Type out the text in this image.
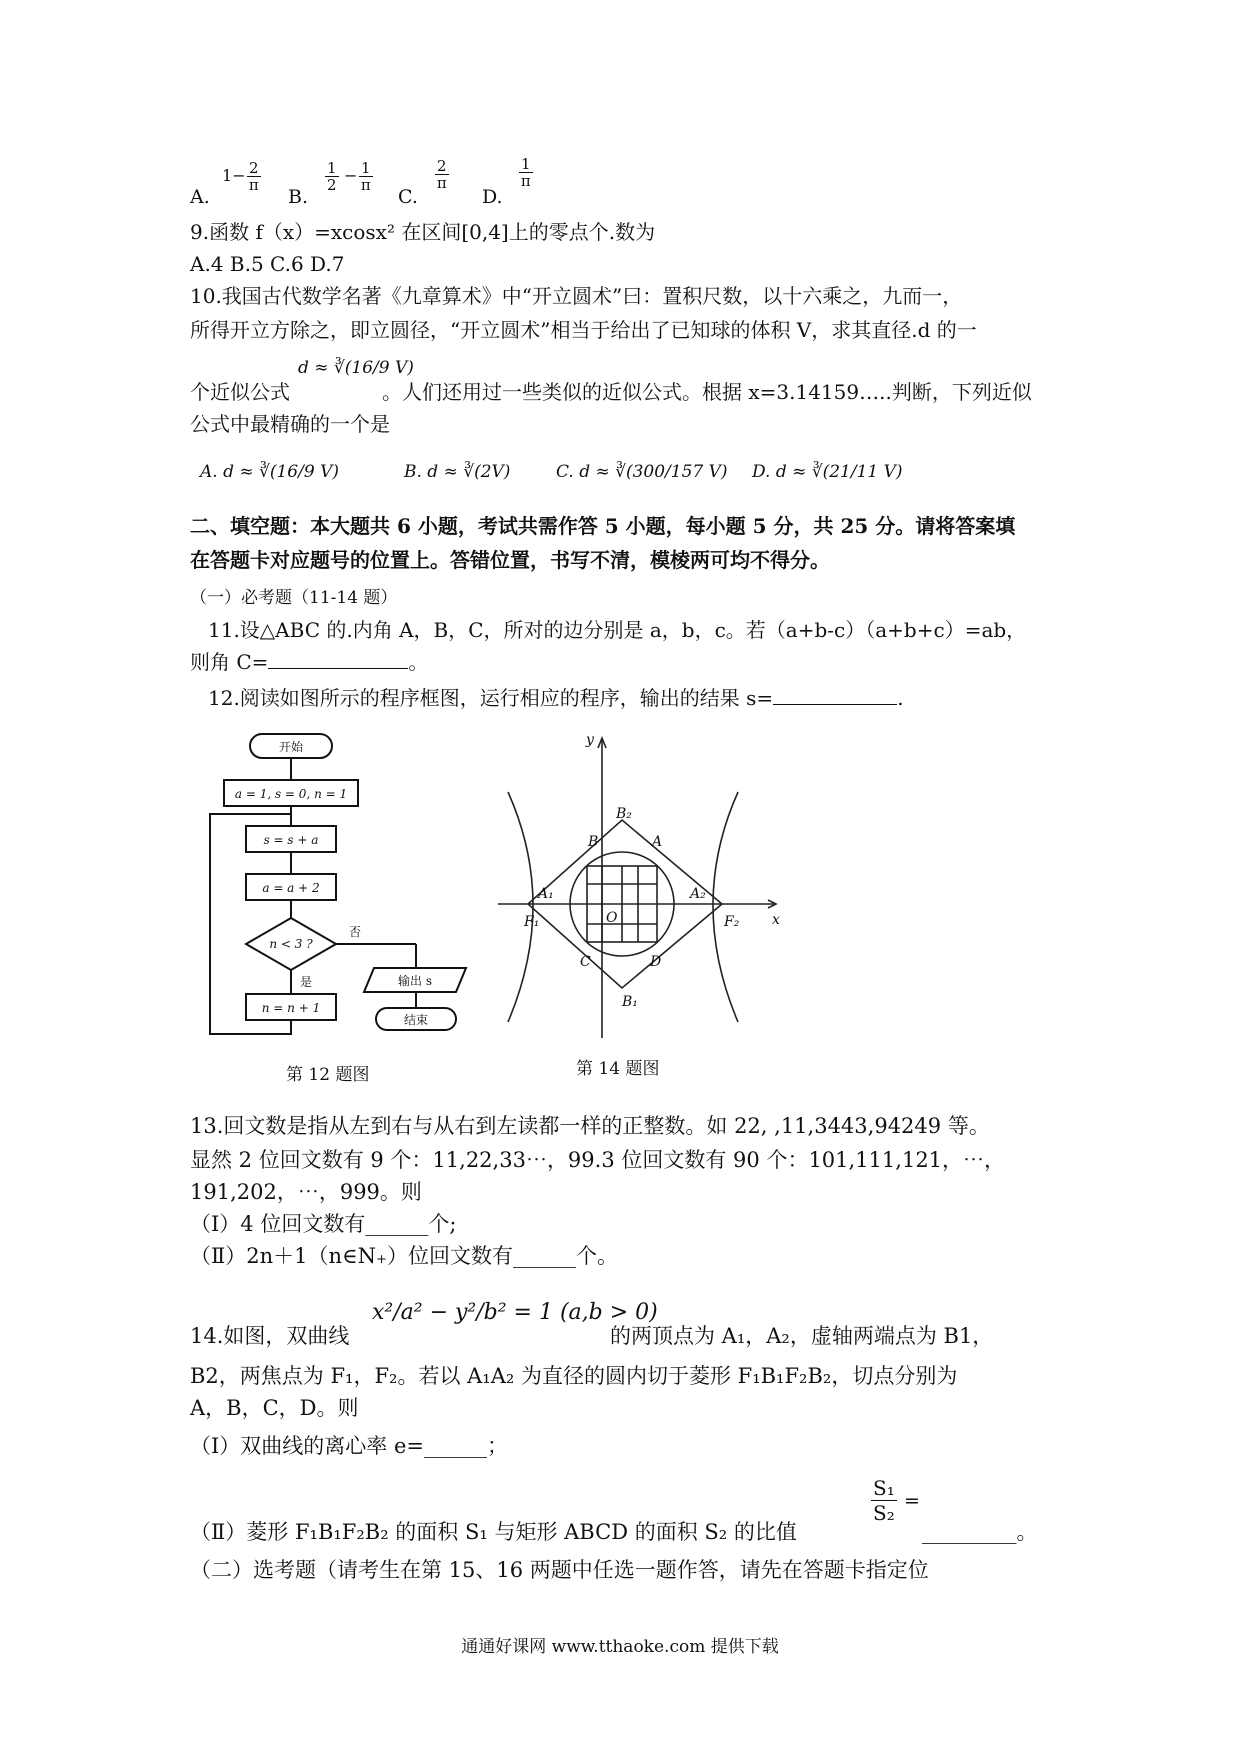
A.
$1- \frac{2}{\pi}$
B.
$\frac{1}{2} - \frac{1}{\pi}$
C.
$\frac{2}{\pi}$
D.
$\frac{1}{\pi}$
9.函数 f（x）=xcosx² 在区间[0,4]上的零点个.数为
A.4 B.5 C.6 D.7
10.我国古代数学名著《九章算术》中“开立圆术”曰：置积尺数，以十六乘之，九而一，
所得开立方除之，即立圆径，“开立圆术”相当于给出了已知球的体积 V，求其直径.d 的一
个近似公式
d ≈ ∛(16/9 V)
。人们还用过一些类似的近似公式。根据 x=3.14159…..判断，下列近似
公式中最精确的一个是
A. d ≈ ∛(16/9 V)	B. d ≈ ∛(2V)	C. d ≈ ∛(300/157 V) D. d ≈ ∛(21/11 V)
二、填空题：本大题共 6 小题，考试共需作答 5 小题，每小题 5 分，共 25 分。请将答案填
在答题卡对应题号的位置上。答错位置，书写不清，模棱两可均不得分。
（一）必考题（11-14 题）
11.设△ABC 的.内角 A，B，C，所对的边分别是 a，b，c。若（a+b-c）（a+b+c）=ab，
则角 C=	。
12.阅读如图所示的程序框图，运行相应的程序，输出的结果 s=	.
开始
a = 1, s = 0, n = 1
s = s + a
a = a + 2
n < 3 ?
否
是
n = n + 1
输出 s
结束
第 12 题图
y
x
O
A₁	A₂
B₁
B₂
F₁	F₂
A
B
C	D
第 14 题图
13.回文数是指从左到右与从右到左读都一样的正整数。如 22, ,11,3443,94249 等。
显然 2 位回文数有 9 个：11,22,33⋯，99.3 位回文数有 90 个：101,111,121，⋯，
191,202，⋯，999。则
（Ⅰ）4 位回文数有______个;
（Ⅱ）2n＋1（n∈N₊）位回文数有______个。
14.如图，双曲线
x²/a² − y²/b² = 1 (a,b > 0)
的两顶点为 A₁，A₂，虚轴两端点为 B1，
B2，两焦点为 F₁，F₂。若以 A₁A₂ 为直径的圆内切于菱形 F₁B₁F₂B₂，切点分别为
A，B，C，D。则
（Ⅰ）双曲线的离心率 e=______；
（Ⅱ）菱形 F₁B₁F₂B₂ 的面积 S₁ 与矩形 ABCD 的面积 S₂ 的比值
$\frac{\text{S₁}}{\text{S₂}}$ =
_________。
（二）选考题（请考生在第 15、16 两题中任选一题作答，请先在答题卡指定位
通通好课网 www.tthaoke.com 提供下载
